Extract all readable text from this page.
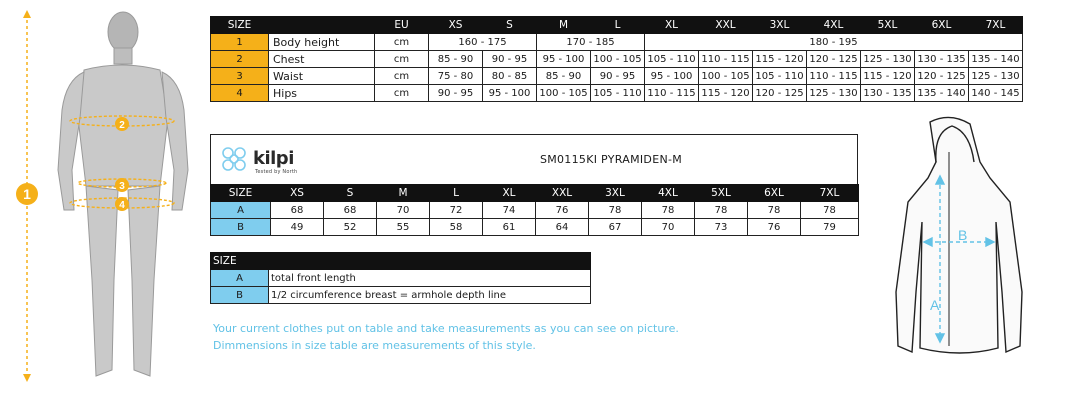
1
2
3
4
SIZE		EU	XS	S	M	L	XL	XXL	3XL	4XL	5XL	6XL	7XL
1	Body height	cm	160 - 175		170 - 185		180 - 195						
2	Chest	cm	85 - 90	90 - 95	95 - 100	100 - 105	105 - 110	110 - 115	115 - 120	120 - 125	125 - 130	130 - 135	135 - 140
3	Waist	cm	75 - 80	80 - 85	85 - 90	90 - 95	95 - 100	100 - 105	105 - 110	110 - 115	115 - 120	120 - 125	125 - 130
4	Hips	cm	90 - 95	95 - 100	100 - 105	105 - 110	110 - 115	115 - 120	120 - 125	125 - 130	130 - 135	135 - 140	140 - 145
kilpi
Tested by North
SM0115KI PYRAMIDEN-M
SIZE	XS	S	M	L	XL	XXL	3XL	4XL	5XL	6XL	7XL
A	68	68	70	72	74	76	78	78	78	78	78
B	49	52	55	58	61	64	67	70	73	76	79
SIZE	
A	total front length
B	1/2 circumference breast = armhole depth line
Your current clothes put on table and take measurements as you can see on picture.
Dimmensions in size table are measurements of this style.
A
B
